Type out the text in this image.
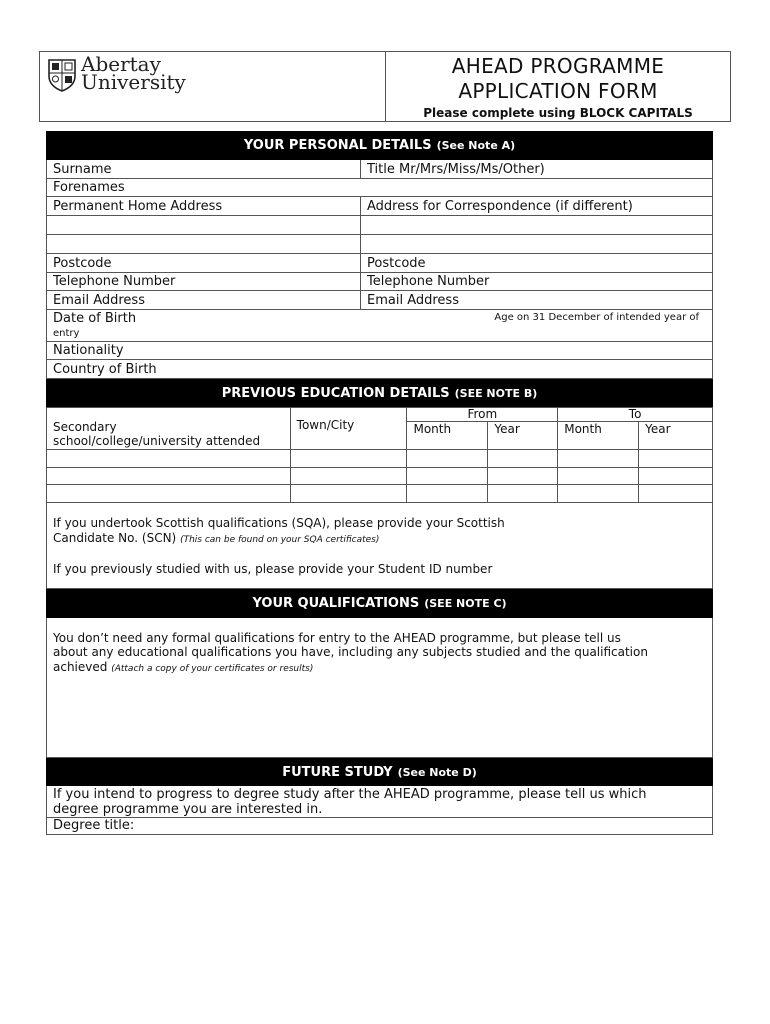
Abertay
University
AHEAD PROGRAMME
APPLICATION FORM
Please complete using BLOCK CAPITALS
YOUR PERSONAL DETAILS (See Note A)
Surname	Title Mr/Mrs/Miss/Ms/Other)
Forenames
Permanent Home Address	Address for Correspondence (if different)
Postcode	Postcode
Telephone Number	Telephone Number
Email Address	Email Address
Date of Birth	Age on 31 December of intended year of
entry
Nationality
Country of Birth
PREVIOUS EDUCATION DETAILS (SEE NOTE B)
Secondary
school/college/university attended	Town/City	From		To	
		Month	Year	Month	Year

If you undertook Scottish qualifications (SQA), please provide your Scottish
Candidate No. (SCN) (This can be found on your SQA certificates)
If you previously studied with us, please provide your Student ID number
YOUR QUALIFICATIONS (SEE NOTE C)
You don’t need any formal qualifications for entry to the AHEAD programme, but please tell us
about any educational qualifications you have, including any subjects studied and the qualification
achieved (Attach a copy of your certificates or results)
FUTURE STUDY (See Note D)
If you intend to progress to degree study after the AHEAD programme, please tell us which
degree programme you are interested in.
Degree title:
